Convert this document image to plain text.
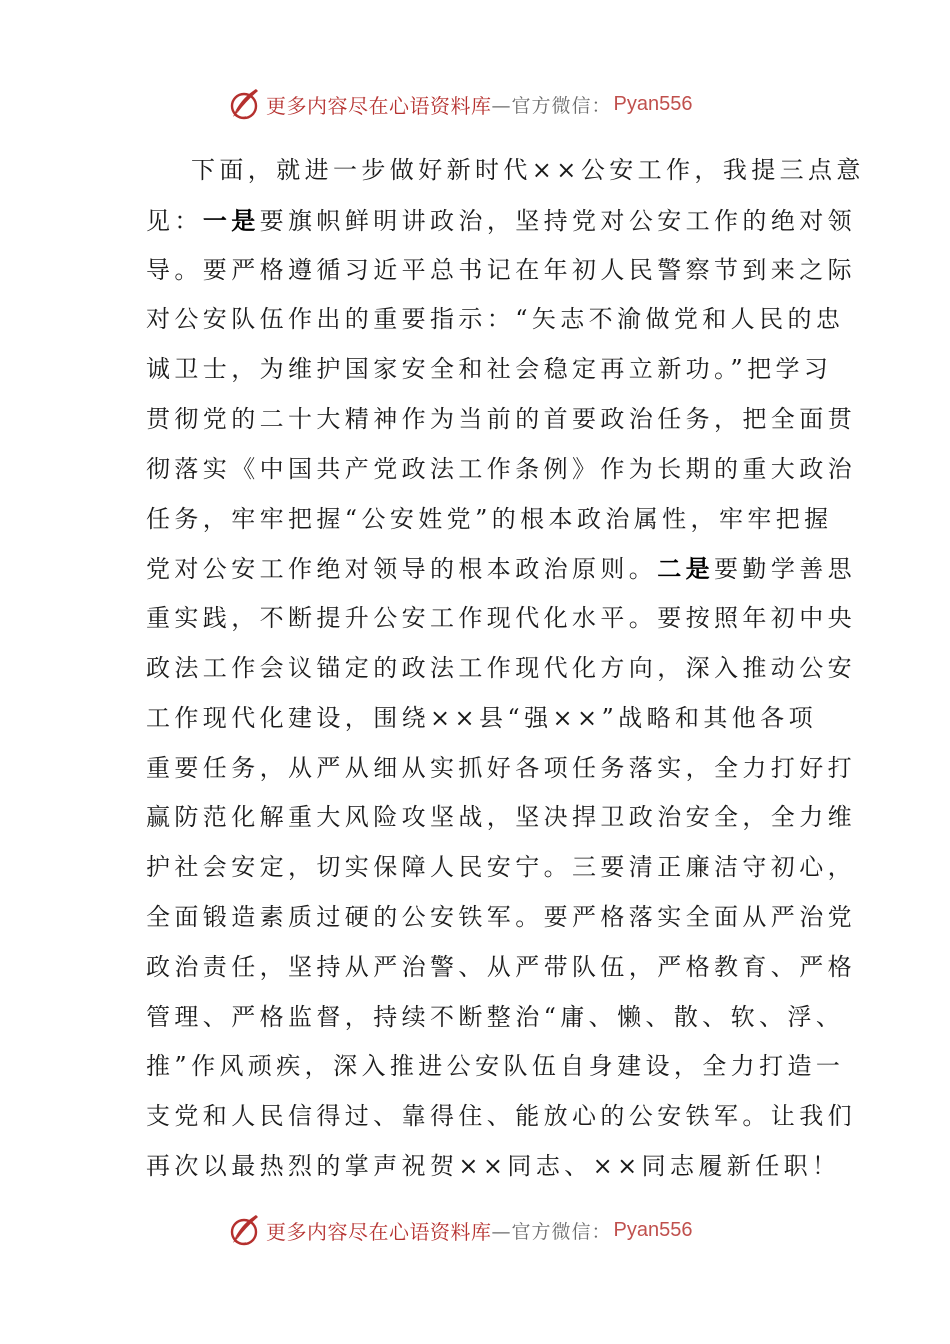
更多内容尽在心语资料库 —官方微信： Pyan556
下面，就进一步做好新时代××公安工作，我提三点意
见：一是要旗帜鲜明讲政治，坚持党对公安工作的绝对领
导。要严格遵循习近平总书记在年初人民警察节到来之际
对公安队伍作出的重要指示：“矢志不渝做党和人民的忠
诚卫士，为维护国家安全和社会稳定再立新功。”把学习
贯彻党的二十大精神作为当前的首要政治任务，把全面贯
彻落实《中国共产党政法工作条例》作为长期的重大政治
任务，牢牢把握“公安姓党”的根本政治属性，牢牢把握
党对公安工作绝对领导的根本政治原则。二是要勤学善思
重实践，不断提升公安工作现代化水平。要按照年初中央
政法工作会议锚定的政法工作现代化方向，深入推动公安
工作现代化建设，围绕××县“强××”战略和其他各项
重要任务，从严从细从实抓好各项任务落实，全力打好打
赢防范化解重大风险攻坚战，坚决捍卫政治安全，全力维
护社会安定，切实保障人民安宁。三要清正廉洁守初心，
全面锻造素质过硬的公安铁军。要严格落实全面从严治党
政治责任，坚持从严治警、从严带队伍，严格教育、严格
管理、严格监督，持续不断整治“庸、懒、散、软、浮、
推”作风顽疾，深入推进公安队伍自身建设，全力打造一
支党和人民信得过、靠得住、能放心的公安铁军。让我们
再次以最热烈的掌声祝贺××同志、××同志履新任职！
更多内容尽在心语资料库 —官方微信： Pyan556
